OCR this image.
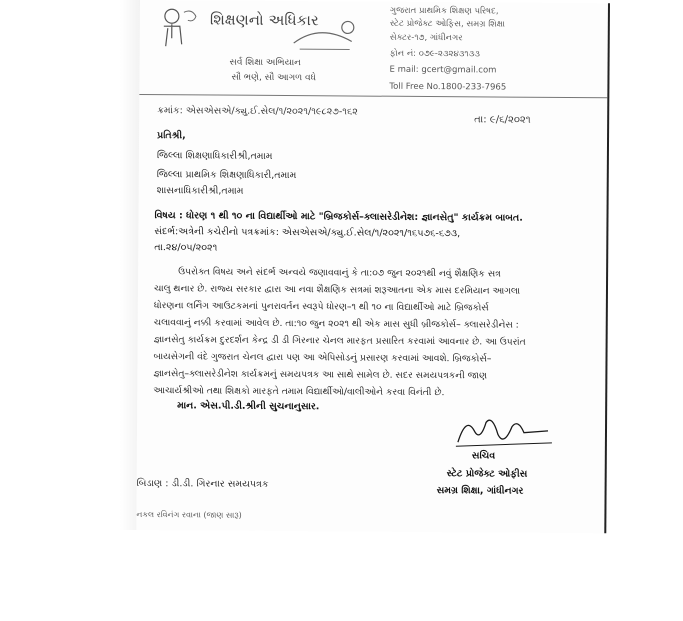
શિક્ષણનો અધિકાર
સર્વ શિક્ષા અભિયાન
સૌ ભણે, સૌ આગળ વધે
ગુજરાત પ્રાથમિક શિક્ષણ પરિષદ,
સ્ટેટ પ્રોજેક્ટ ઓફિસ, સમગ્ર શિક્ષા
સેક્ટર-૧૭, ગાંધીનગર
ફોન નં: ૦૭૯-૨૩૨૪૩૧૩૩
E mail: gcert@gmail.com
Toll Free No.1800-233-7965
ક્રમાંક: એસએસએ/ક્યુ.ઈ.સેલ/૧/૨૦૨૧/૧૯૮૨૭-૧૬૨
તા: ૯/૬/૨૦૨૧
પ્રતિશ્રી,
જિલ્લા શિક્ષણાધિકારીશ્રી,તમામ
જિલ્લા પ્રાથમિક શિક્ષણાધિકારી,તમામ
શાસનાધિકારીશ્રી,તમામ
વિષય : ધોરણ ૧ થી ૧૦ ના વિદ્યાર્થીઓ માટે "બ્રિજકોર્સ–ક્લાસરેડીનેશ: જ્ઞાનસેતુ" કાર્યક્રમ બાબત.
સંદર્ભ:અત્રેની કચેરીનો પત્રક્રમાંક: એસએસએ/ક્યુ.ઈ.સેલ/૧/૨૦૨૧/૧૬૫૭૬-૬૭૩,
તા.૨૪/૦૫/૨૦૨૧
ઉપરોક્ત વિષય અને સંદર્ભ અન્વયે જણાવવાનું કે તા:૦૭ જુન ૨૦૨૧થી નવું શૈક્ષણિક સત્ર
ચાલુ થનાર છે. રાજ્ય સરકાર દ્વારા આ નવા શૈક્ષણિક સત્રમાં શરૂઆતના એક માસ દરમિયાન આગલા
ધોરણના લર્નિંગ આઉટકમનાં પુનરાવર્તન સ્વરૂપે ધોરણ–૧ થી ૧૦ ના વિદ્યાર્થીઓ માટે બ્રિજકોર્સ
ચલાવવાનું નક્કી કરવામાં આવેલ છે. તા:૧૦ જુન ૨૦૨૧ થી એક માસ સુધી બ્રીજકોર્સ– ક્લાસરેડીનેસ :
જ્ઞાનસેતુ કાર્યક્રમ દુરદર્શન કેન્દ્ર ડી ડી ગિરનાર ચેનલ મારફત પ્રસારિત કરવામાં આવનાર છે. આ ઉપરાંત
બાયસેગની વંદે ગુજરાત ચેનલ દ્વારા પણ આ એપિસોડનું પ્રસારણ કરવામાં આવશે. બ્રિજકોર્સ–
જ્ઞાનસેતુ–ક્લાસરેડીનેશ કાર્યક્રમનું સમયપત્રક આ સાથે સામેલ છે. સદર સમયપત્રકની જાણ
આચાર્યશ્રીઓ તથા શિક્ષકો મારફતે તમામ વિદ્યાર્થીઓ/વાલીઓને કરવા વિનંતી છે.
માન. એસ.પી.ડી.શ્રીની સુચનાનુસાર.
સચિવ
સ્ટેટ પ્રોજેક્ટ ઓફીસ
સમગ્ર શિક્ષા, ગાંધીનગર
બિડાણ : ડી.ડી. ગિરનાર સમયપત્રક
નકલ રવિનંગ રવાના (જાણ સારૂ)
